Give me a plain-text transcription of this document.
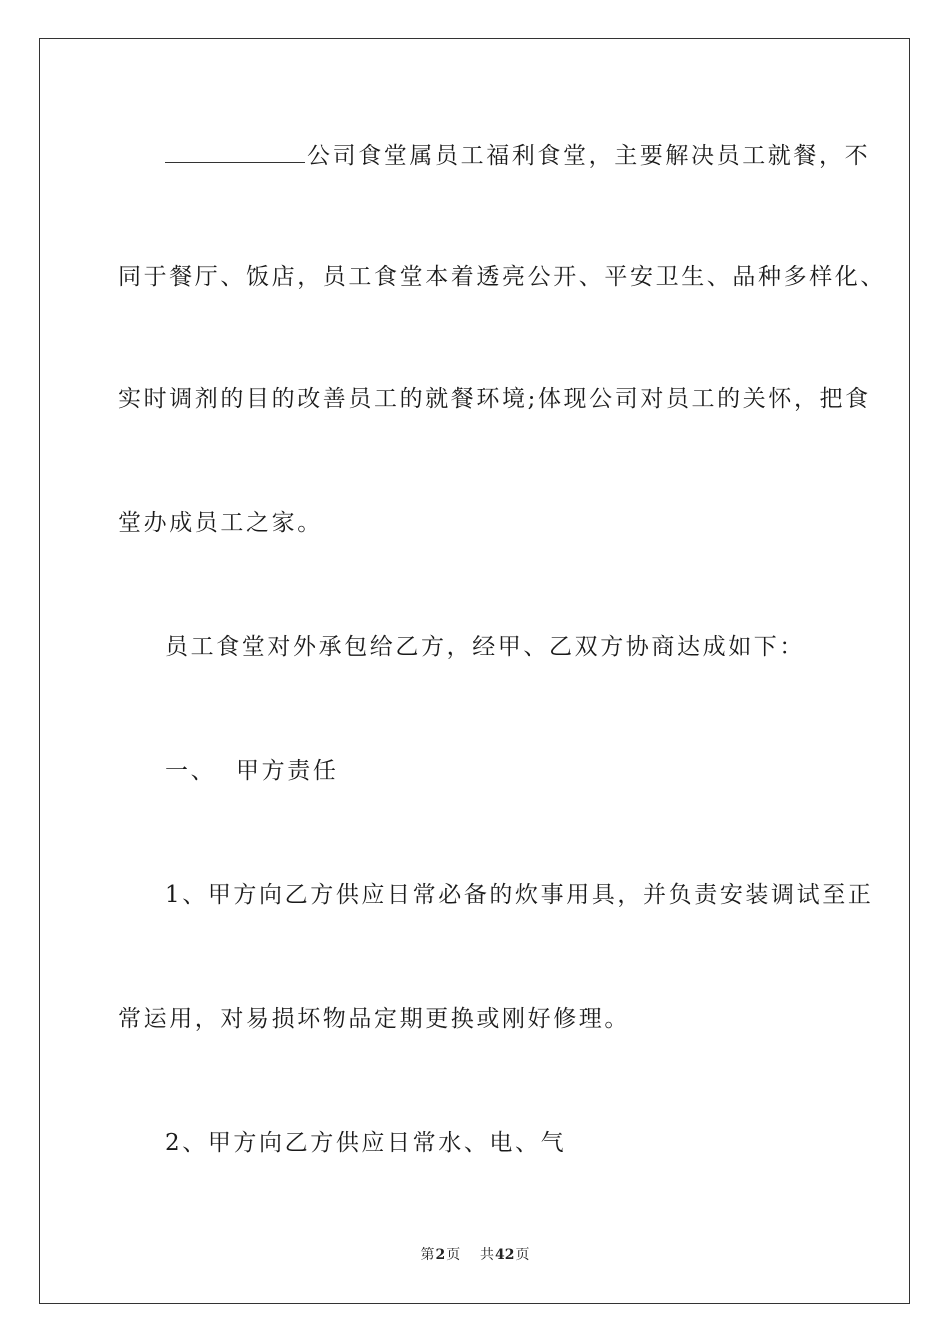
公司食堂属员工福利食堂，主要解决员工就餐，不
同于餐厅、饭店，员工食堂本着透亮公开、平安卫生、品种多样化、
实时调剂的目的改善员工的就餐环境;体现公司对员工的关怀，把食
堂办成员工之家。
员工食堂对外承包给乙方，经甲、乙双方协商达成如下：
一、  甲方责任
1、甲方向乙方供应日常必备的炊事用具，并负责安装调试至正
常运用，对易损坏物品定期更换或刚好修理。
2、甲方向乙方供应日常水、电、气
第2页 共42页
